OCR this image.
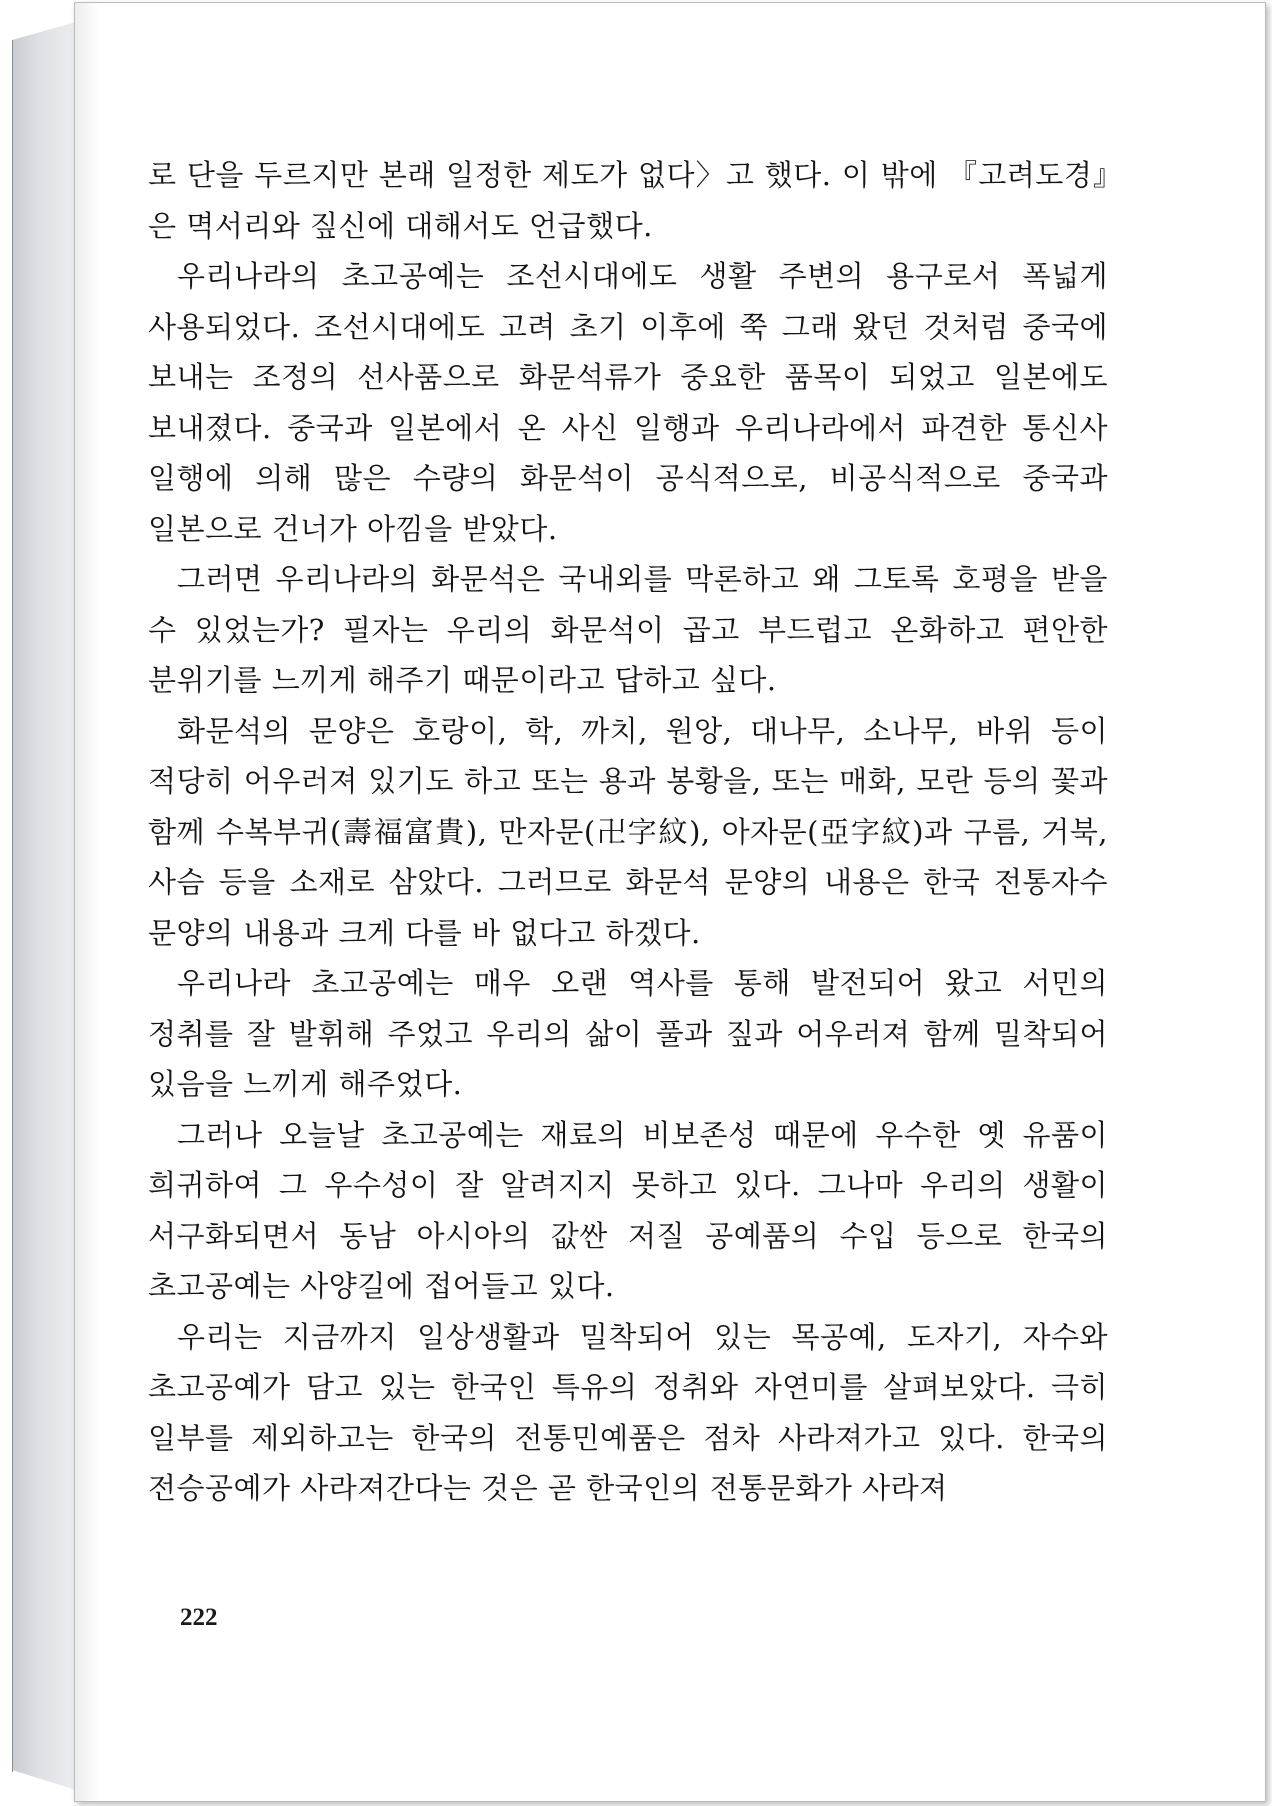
로 단을 두르지만 본래 일정한 제도가 없다〉고 했다. 이 밖에 『고려도경』은 멱서리와 짚신에 대해서도 언급했다.

우리나라의 초고공예는 조선시대에도 생활 주변의 용구로서 폭넓게 사용되었다. 조선시대에도 고려 초기 이후에 쭉 그래 왔던 것처럼 중국에 보내는 조정의 선사품으로 화문석류가 중요한 품목이 되었고 일본에도 보내졌다. 중국과 일본에서 온 사신 일행과 우리나라에서 파견한 통신사 일행에 의해 많은 수량의 화문석이 공식적으로, 비공식적으로 중국과 일본으로 건너가 아낌을 받았다.

그러면 우리나라의 화문석은 국내외를 막론하고 왜 그토록 호평을 받을 수 있었는가? 필자는 우리의 화문석이 곱고 부드럽고 온화하고 편안한 분위기를 느끼게 해주기 때문이라고 답하고 싶다.

화문석의 문양은 호랑이, 학, 까치, 원앙, 대나무, 소나무, 바위 등이 적당히 어우러져 있기도 하고 또는 용과 봉황을, 또는 매화, 모란 등의 꽃과 함께 수복부귀(壽福富貴), 만자문(卍字紋), 아자문(亞字紋)과 구름, 거북, 사슴 등을 소재로 삼았다. 그러므로 화문석 문양의 내용은 한국 전통자수 문양의 내용과 크게 다를 바 없다고 하겠다.

우리나라 초고공예는 매우 오랜 역사를 통해 발전되어 왔고 서민의 정취를 잘 발휘해 주었고 우리의 삶이 풀과 짚과 어우러져 함께 밀착되어 있음을 느끼게 해주었다.

그러나 오늘날 초고공예는 재료의 비보존성 때문에 우수한 옛 유품이 희귀하여 그 우수성이 잘 알려지지 못하고 있다. 그나마 우리의 생활이 서구화되면서 동남 아시아의 값싼 저질 공예품의 수입 등으로 한국의 초고공예는 사양길에 접어들고 있다.

우리는 지금까지 일상생활과 밀착되어 있는 목공예, 도자기, 자수와 초고공예가 담고 있는 한국인 특유의 정취와 자연미를 살펴보았다. 극히 일부를 제외하고는 한국의 전통민예품은 점차 사라져가고 있다. 한국의 전승공예가 사라져간다는 것은 곧 한국인의 전통문화가 사라져

222
